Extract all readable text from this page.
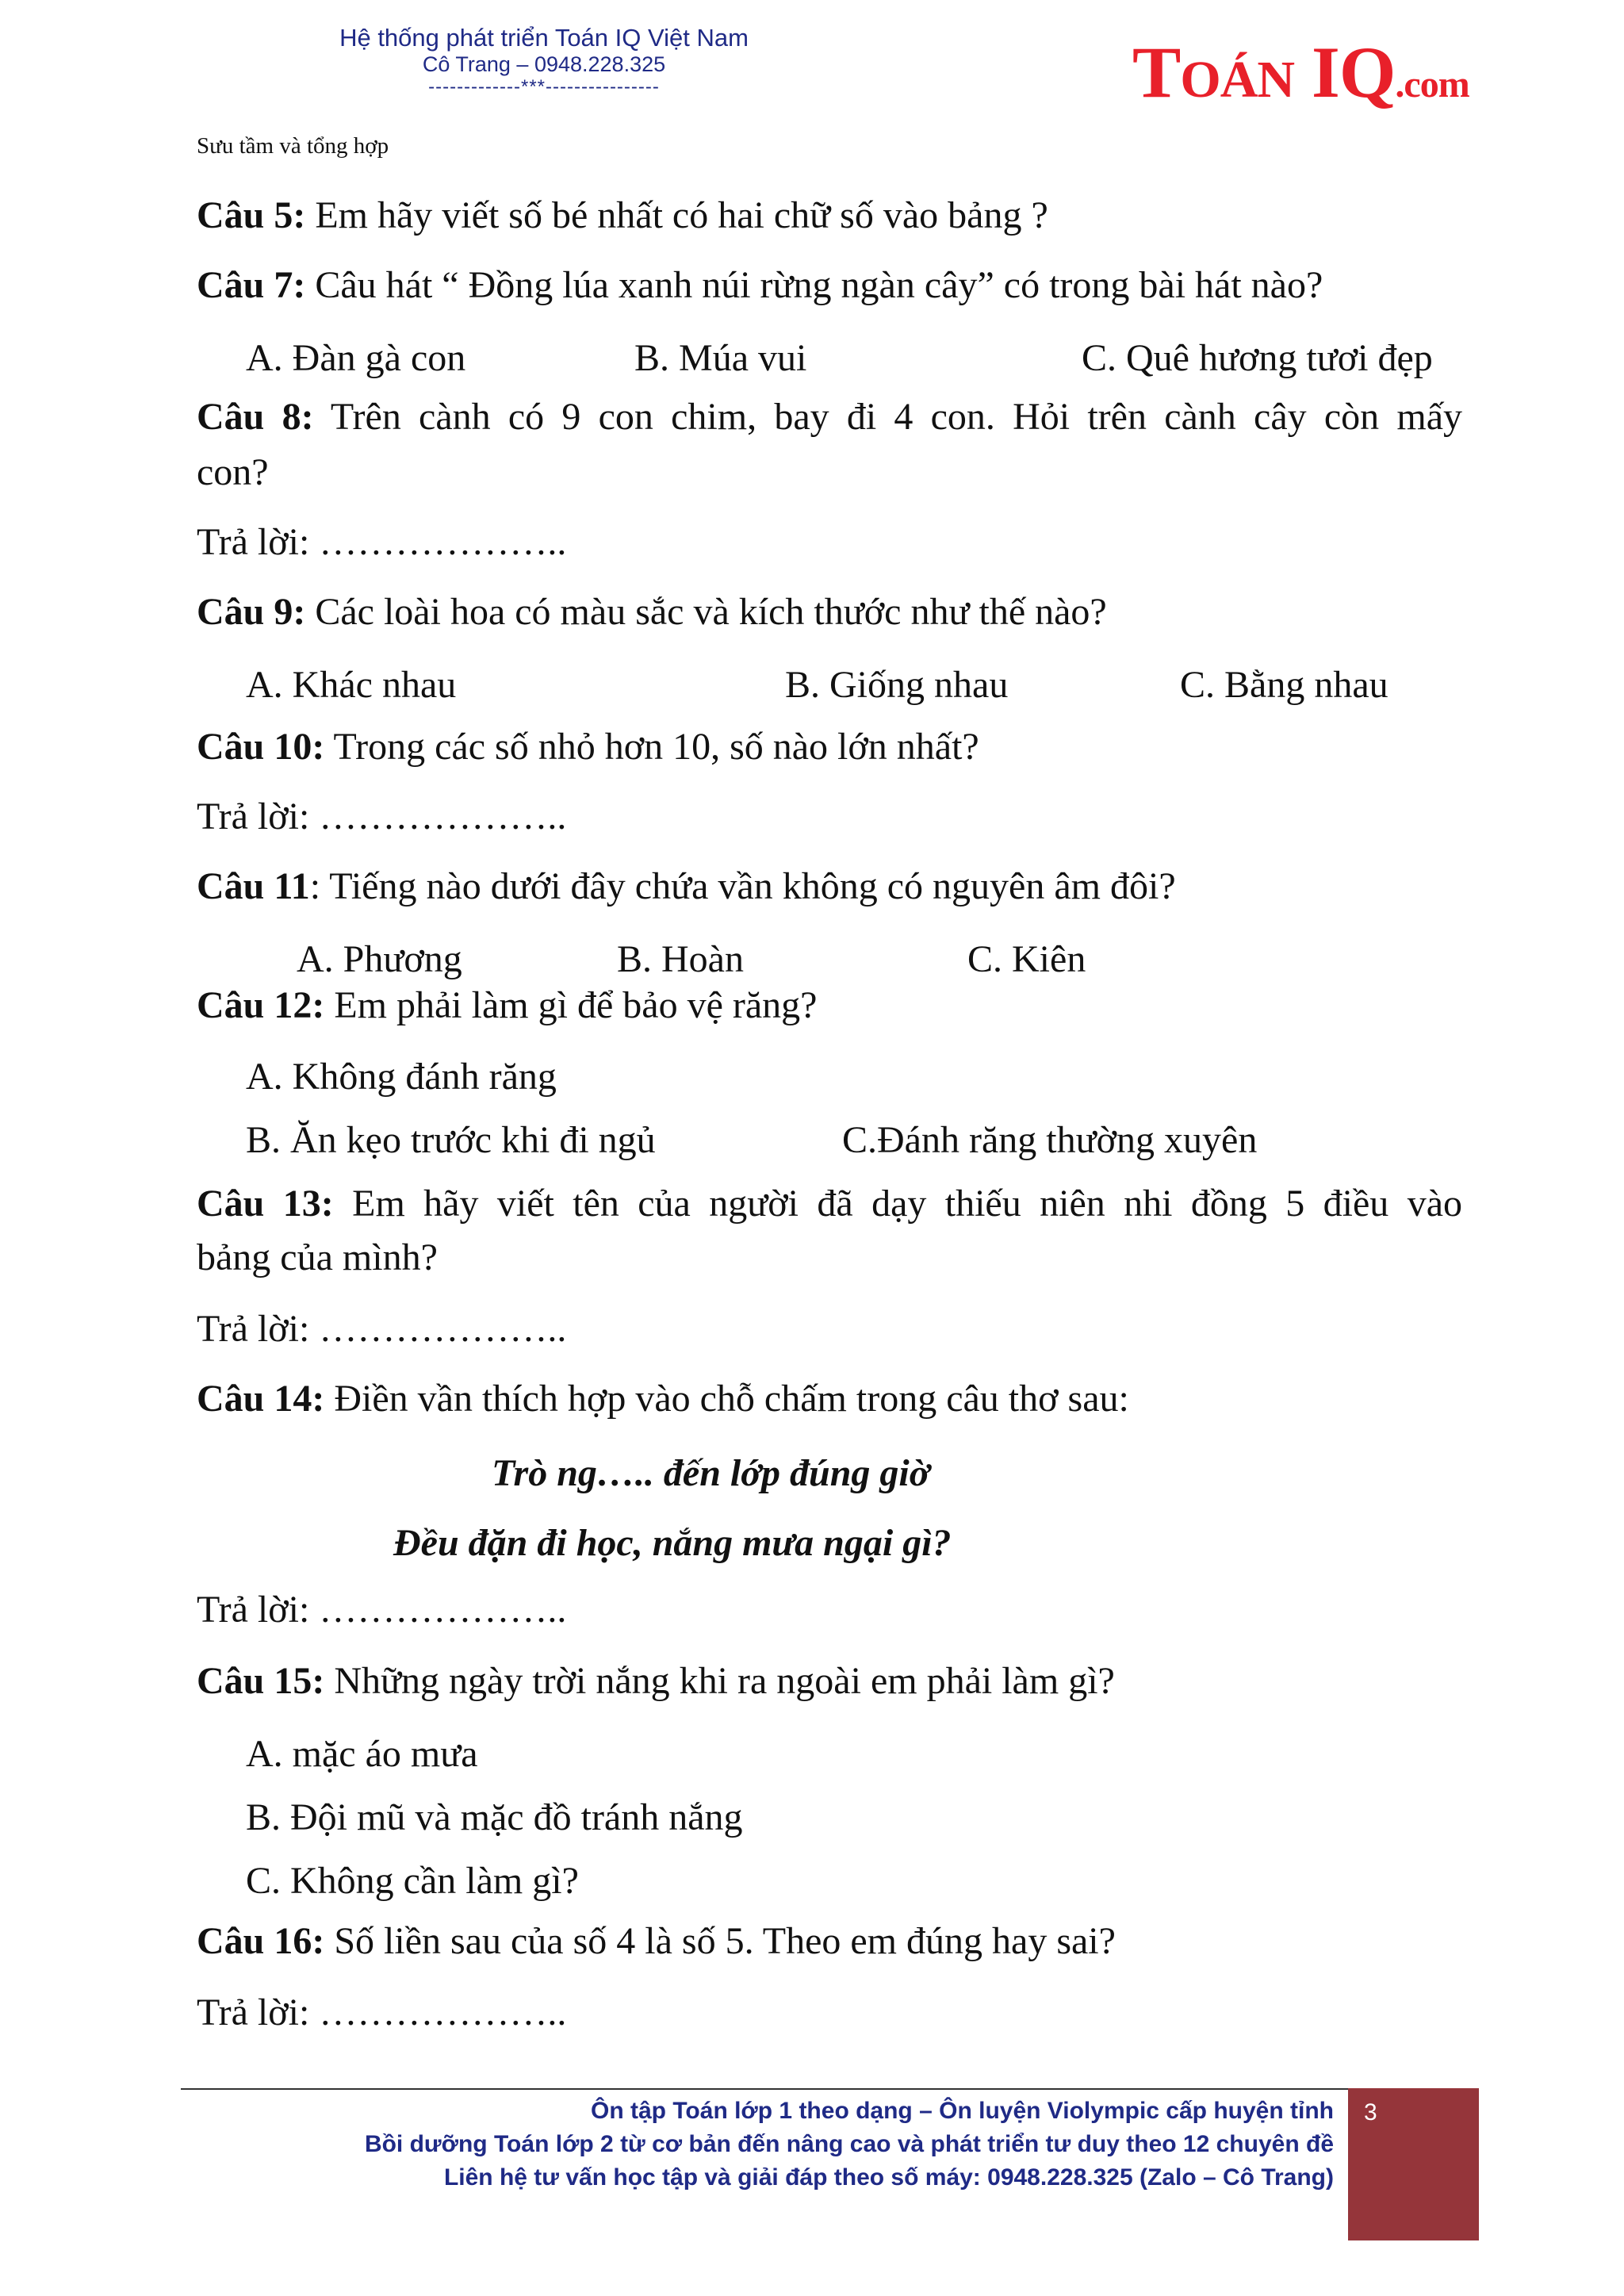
Hệ thống phát triển Toán IQ Việt Nam
Cô Trang – 0948.228.325
-------------***----------------	TOÁN IQ.com
Sưu tầm và tổng hợp
Câu 5: Em hãy viết số bé nhất có hai chữ số vào bảng ?
Câu 7: Câu hát “ Đồng lúa xanh núi rừng ngàn cây” có trong bài hát nào?
A. Đàn gà con	B. Múa vui	C. Quê hương tươi đẹp
Câu 8: Trên cành có 9 con chim, bay đi 4 con. Hỏi trên cành cây còn mấy
con?
Trả lời: ………………..
Câu 9: Các loài hoa có màu sắc và kích thước như thế nào?
A. Khác nhau	B. Giống nhau	C. Bằng nhau
Câu 10: Trong các số nhỏ hơn 10, số nào lớn nhất?
Trả lời: ………………..
Câu 11: Tiếng nào dưới đây chứa vần không có nguyên âm đôi?
A. Phương	B. Hoàn	C. Kiên
Câu 12: Em phải làm gì để bảo vệ răng?
A. Không đánh răng
B. Ăn kẹo trước khi đi ngủ	C.Đánh răng thường xuyên
Câu 13: Em hãy viết tên của người đã dạy thiếu niên nhi đồng 5 điều vào
bảng của mình?
Trả lời: ………………..
Câu 14: Điền vần thích hợp vào chỗ chấm trong câu thơ sau:
Trò ng….. đến lớp đúng giờ
Đều đặn đi học, nắng mưa ngại gì?
Trả lời: ………………..
Câu 15: Những ngày trời nắng khi ra ngoài em phải làm gì?
A. mặc áo mưa
B. Đội mũ và mặc đồ tránh nắng
C. Không cần làm gì?
Câu 16: Số liền sau của số 4 là số 5. Theo em đúng hay sai?
Trả lời: ………………..
Ôn tập Toán lớp 1 theo dạng – Ôn luyện Violympic cấp huyện tỉnh
Bồi dưỡng Toán lớp 2 từ cơ bản đến nâng cao và phát triển tư duy theo 12 chuyên đề
Liên hệ tư vấn học tập và giải đáp theo số máy: 0948.228.325 (Zalo – Cô Trang)
3
